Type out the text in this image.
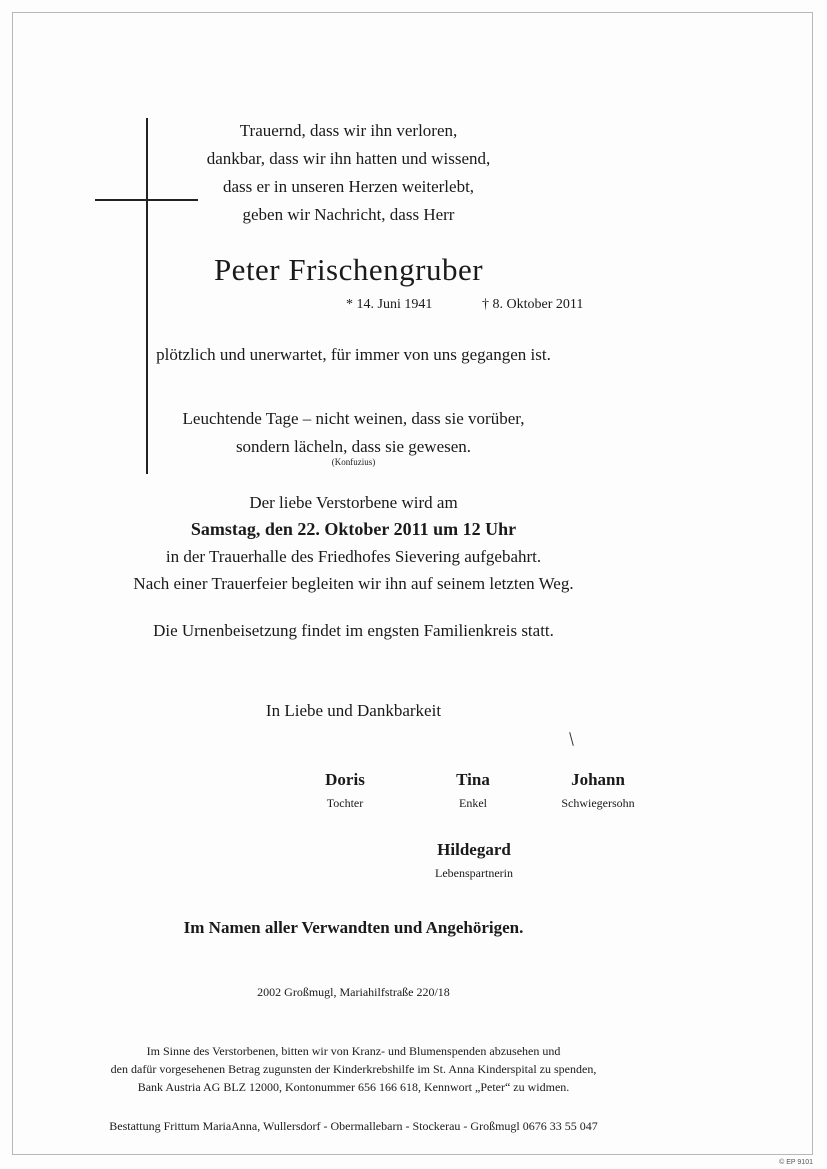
Trauernd, dass wir ihn verloren,
dankbar, dass wir ihn hatten und wissend,
dass er in unseren Herzen weiterlebt,
geben wir Nachricht, dass Herr
Peter Frischengruber
* 14. Juni 1941	† 8. Oktober 2011
plötzlich und unerwartet, für immer von uns gegangen ist.
Leuchtende Tage – nicht weinen, dass sie vorüber,
sondern lächeln, dass sie gewesen.
(Konfuzius)
Der liebe Verstorbene wird am
Samstag, den 22. Oktober 2011 um 12 Uhr
in der Trauerhalle des Friedhofes Sievering aufgebahrt.
Nach einer Trauerfeier begleiten wir ihn auf seinem letzten Weg.
Die Urnenbeisetzung findet im engsten Familienkreis statt.
In Liebe und Dankbarkeit
Doris
Tochter
Tina
Enkel
Johann
Schwiegersohn
Hildegard
Lebenspartnerin
Im Namen aller Verwandten und Angehörigen.
2002 Großmugl, Mariahilfstraße 220/18
Im Sinne des Verstorbenen, bitten wir von Kranz- und Blumenspenden abzusehen und
den dafür vorgesehenen Betrag zugunsten der Kinderkrebshilfe im St. Anna Kinderspital zu spenden,
Bank Austria AG BLZ 12000, Kontonummer 656 166 618, Kennwort „Peter“ zu widmen.
Bestattung Frittum MariaAnna, Wullersdorf - Obermallebarn - Stockerau - Großmugl 0676 33 55 047
© EP 9101
